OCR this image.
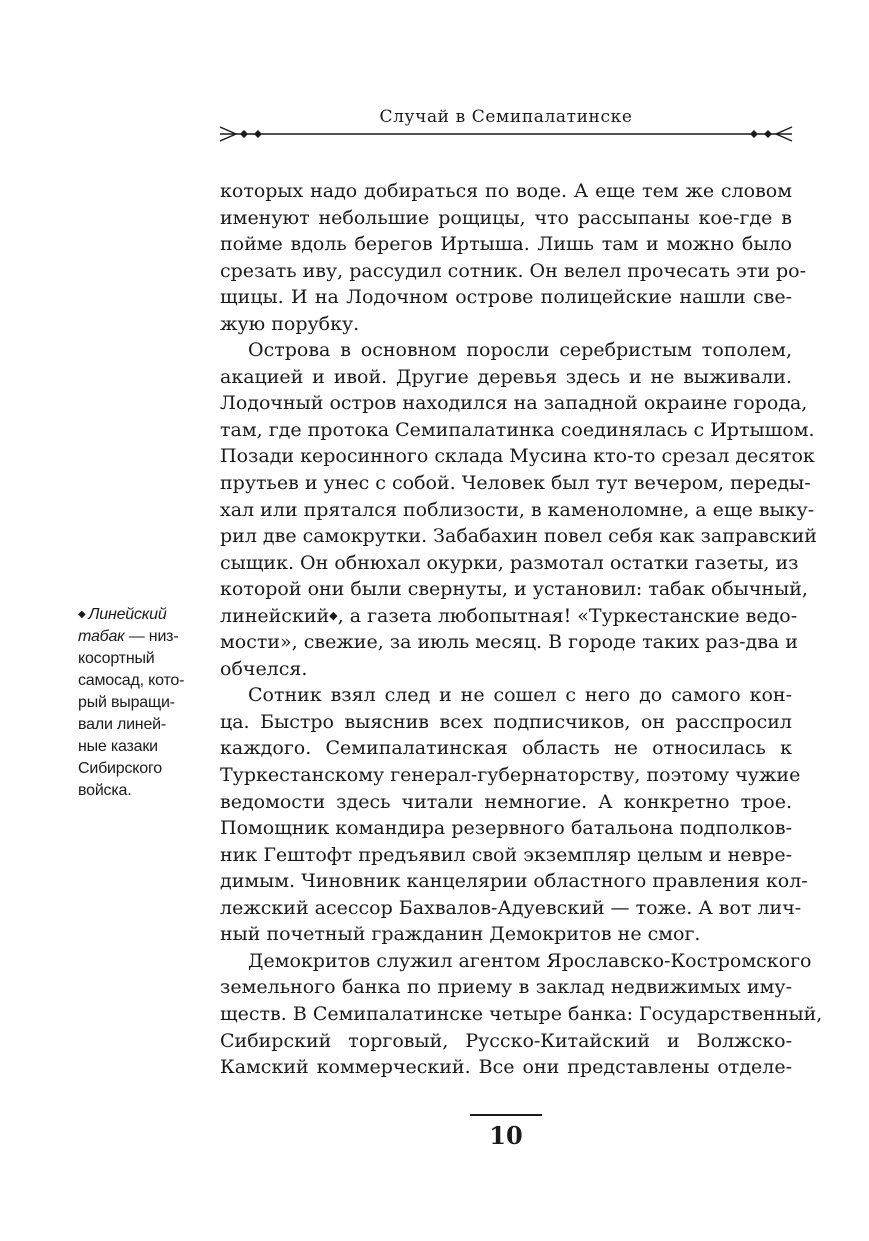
Случай в Семипалатинске

которых надо добираться по воде. А еще тем же словом
именуют небольшие рощицы, что рассыпаны кое-где в
пойме вдоль берегов Иртыша. Лишь там и можно было
срезать иву, рассудил сотник. Он велел прочесать эти ро-
щицы. И на Лодочном острове полицейские нашли све-
жую порубку.

Острова в основном поросли серебристым тополем,
акацией и ивой. Другие деревья здесь и не выживали.
Лодочный остров находился на западной окраине города,
там, где протока Семипалатинка соединялась с Иртышом.
Позади керосинного склада Мусина кто-то срезал десяток
прутьев и унес с собой. Человек был тут вечером, переды-
хал или прятался поблизости, в каменоломне, а еще выку-
рил две самокрутки. Забабахин повел себя как заправский
сыщик. Он обнюхал окурки, размотал остатки газеты, из
которой они были свернуты, и установил: табак обычный,
линейский◆, а газета любопытная! «Туркестанские ведо-
мости», свежие, за июль месяц. В городе таких раз-два и
обчелся.

Сотник взял след и не сошел с него до самого кон-
ца. Быстро выяснив всех подписчиков, он расспросил
каждого. Семипалатинская область не относилась к
Туркестанскому генерал-губернаторству, поэтому чужие
ведомости здесь читали немногие. А конкретно трое.
Помощник командира резервного батальона подполков-
ник Гештофт предъявил свой экземпляр целым и невре-
димым. Чиновник канцелярии областного правления кол-
лежский асессор Бахвалов-Адуевский — тоже. А вот лич-
ный почетный гражданин Демокритов не смог.

Демокритов служил агентом Ярославско-Костромского
земельного банка по приему в заклад недвижимых иму-
ществ. В Семипалатинске четыре банка: Государственный,
Сибирский торговый, Русско-Китайский и Волжско-
Камский коммерческий. Все они представлены отделе-

◆ Линейский
табак — низ-
косортный
самосад, кото-
рый выращи-
вали линей-
ные казаки
Сибирского
войска.
10
